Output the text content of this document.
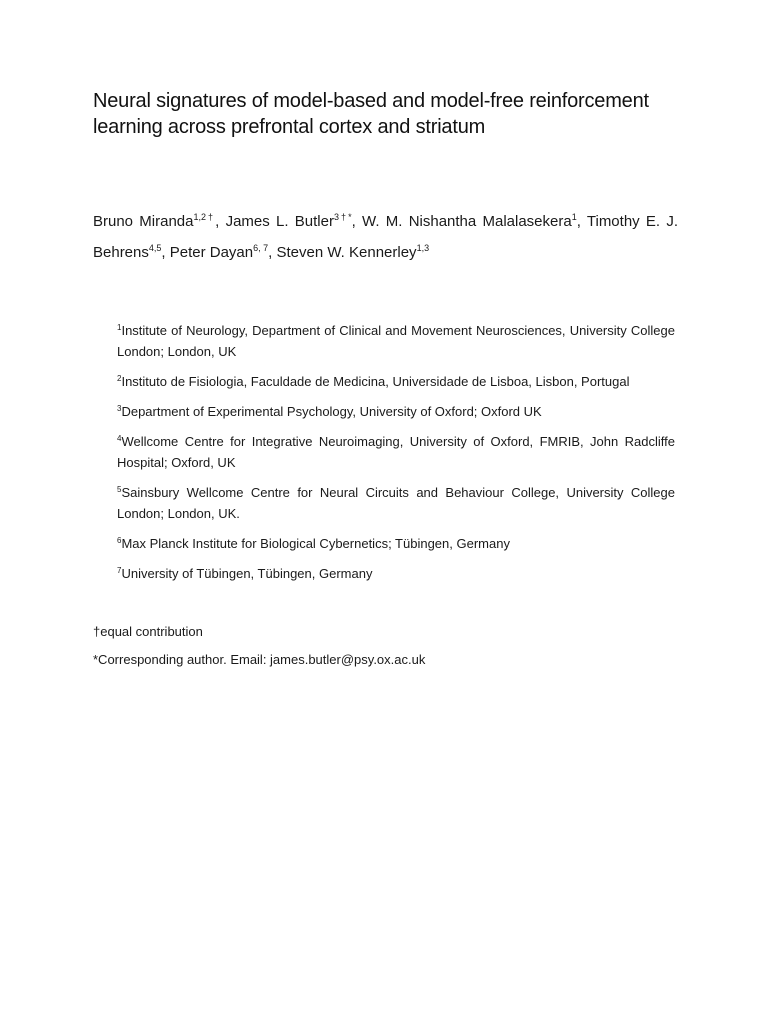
Neural signatures of model-based and model-free reinforcement learning across prefrontal cortex and striatum
Bruno Miranda$^{1,2\dagger}$, James L. Butler$^{3\dagger*}$, W. M. Nishantha Malalasekera$^1$, Timothy E. J. Behrens$^{4,5}$, Peter Dayan$^{6, 7}$, Steven W. Kennerley$^{1,3}$
$^1$Institute of Neurology, Department of Clinical and Movement Neurosciences, University College London; London, UK
$^2$Instituto de Fisiologia, Faculdade de Medicina, Universidade de Lisboa, Lisbon, Portugal
$^3$Department of Experimental Psychology, University of Oxford; Oxford UK
$^4$Wellcome Centre for Integrative Neuroimaging, University of Oxford, FMRIB, John Radcliffe Hospital; Oxford, UK
$^5$Sainsbury Wellcome Centre for Neural Circuits and Behaviour College, University College London; London, UK.
$^6$Max Planck Institute for Biological Cybernetics; Tübingen, Germany
$^7$University of Tübingen, Tübingen, Germany
†equal contribution
*Corresponding author. Email: james.butler@psy.ox.ac.uk
